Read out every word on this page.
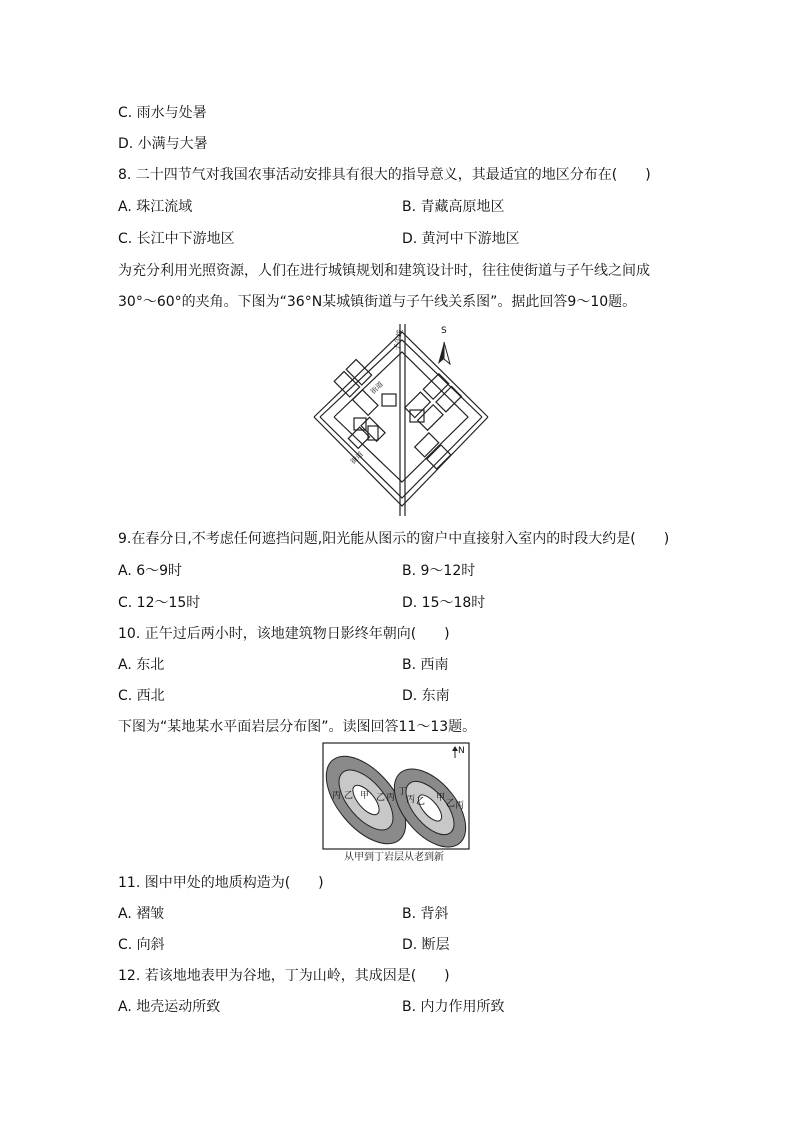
C. 雨水与处暑
D. 小满与大暑
8. 二十四节气对我国农事活动安排具有很大的指导意义，其最适宜的地区分布在(　　)
A. 珠江流域	B. 青藏高原地区
C. 长江中下游地区	D. 黄河中下游地区
为充分利用光照资源，人们在进行城镇规划和建筑设计时，往往使街道与子午线之间成
30°～60°的夹角。下图为“36°N某城镇街道与子午线关系图”。据此回答9～10题。
S
街道
街道
子午线
9.在春分日,不考虑任何遮挡问题,阳光能从图示的窗户中直接射入室内的时段大约是(　　)
A. 6～9时	B. 9～12时
C. 12～15时	D. 15～18时
10. 正午过后两小时，该地建筑物日影终年朝向(　　)
A. 东北	B. 西南
C. 西北	D. 东南
下图为“某地某水平面岩层分布图”。读图回答11～13题。
N
丙 乙 甲 乙 丙
丁
丙 乙 甲
乙 丙
从甲到丁岩层从老到新
11. 图中甲处的地质构造为(　　)
A. 褶皱	B. 背斜
C. 向斜	D. 断层
12. 若该地地表甲为谷地，丁为山岭，其成因是(　　)
A. 地壳运动所致	B. 内力作用所致
